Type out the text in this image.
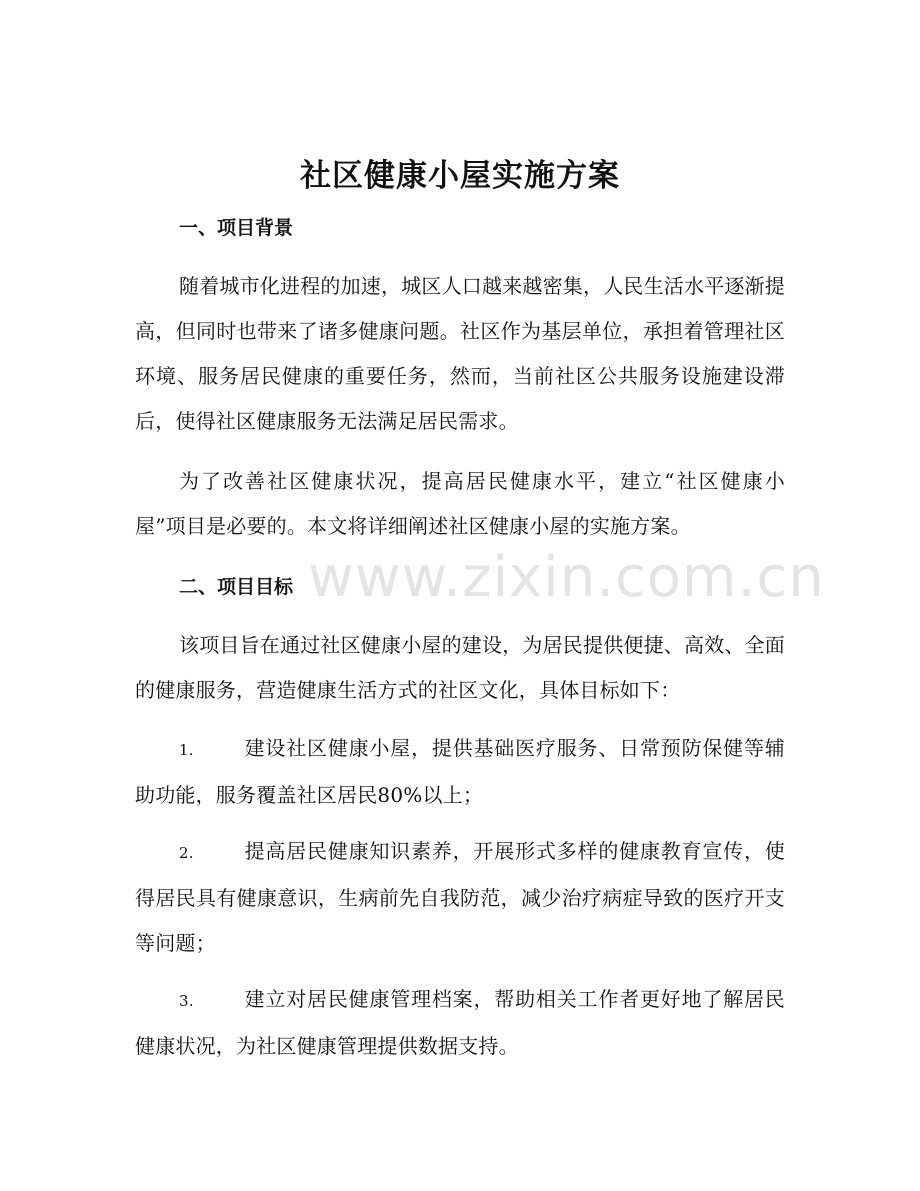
社区健康小屋实施方案
一、项目背景
随着城市化进程的加速，城区人口越来越密集，人民生活水平逐渐提高，但同时也带来了诸多健康问题。社区作为基层单位，承担着管理社区环境、服务居民健康的重要任务，然而，当前社区公共服务设施建设滞后，使得社区健康服务无法满足居民需求。
为了改善社区健康状况，提高居民健康水平，建立“社区健康小屋”项目是必要的。本文将详细阐述社区健康小屋的实施方案。
二、项目目标
该项目旨在通过社区健康小屋的建设，为居民提供便捷、高效、全面的健康服务，营造健康生活方式的社区文化，具体目标如下：
1.	建设社区健康小屋，提供基础医疗服务、日常预防保健等辅助功能，服务覆盖社区居民80%以上；
2.	提高居民健康知识素养，开展形式多样的健康教育宣传，使得居民具有健康意识，生病前先自我防范，减少治疗病症导致的医疗开支等问题；
3.	建立对居民健康管理档案，帮助相关工作者更好地了解居民健康状况，为社区健康管理提供数据支持。
www.zixin.com.cn
